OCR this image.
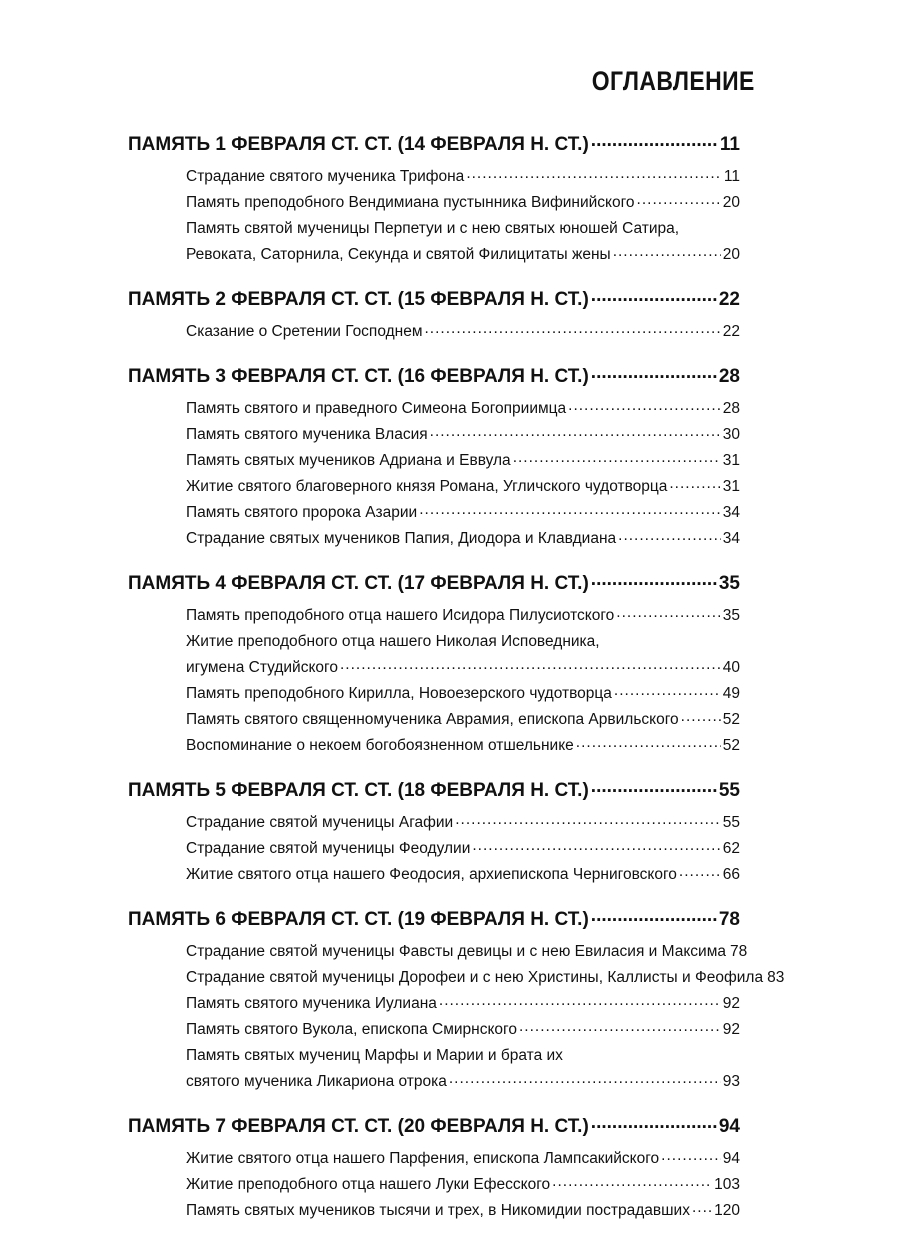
ОГЛАВЛЕНИЕ
ПАМЯТЬ 1 ФЕВРАЛЯ СТ. СТ. (14 ФЕВРАЛЯ Н. СТ.) .....	11
Страдание святого мученика Трифона .....	11
Память преподобного Вендимиана пустынника Вифинийского .....	20
Память святой мученицы Перпетуи и с нею святых юношей Сатира,
Ревоката, Саторнила, Секунда и святой Филицитаты жены .....	20
ПАМЯТЬ 2 ФЕВРАЛЯ СТ. СТ. (15 ФЕВРАЛЯ Н. СТ.) .....	22
Сказание о Сретении Господнем .....	22
ПАМЯТЬ 3 ФЕВРАЛЯ СТ. СТ. (16 ФЕВРАЛЯ Н. СТ.) .....	28
Память святого и праведного Симеона Богоприимца .....	28
Память святого мученика Власия .....	30
Память святых мучеников Адриана и Еввула .....	31
Житие святого благоверного князя Романа, Угличского чудотворца .....	31
Память святого пророка Азарии .....	34
Страдание святых мучеников Папия, Диодора и Клавдиана .....	34
ПАМЯТЬ 4 ФЕВРАЛЯ СТ. СТ. (17 ФЕВРАЛЯ Н. СТ.) .....	35
Память преподобного отца нашего Исидора Пилусиотского .....	35
Житие преподобного отца нашего Николая Исповедника,
игумена Студийского .....	40
Память преподобного Кирилла, Новоезерского чудотворца .....	49
Память святого священномученика Аврамия, епископа Арвильского .....	52
Воспоминание о некоем богобоязненном отшельнике .....	52
ПАМЯТЬ 5 ФЕВРАЛЯ СТ. СТ. (18 ФЕВРАЛЯ Н. СТ.) .....	55
Страдание святой мученицы Агафии .....	55
Страдание святой мученицы Феодулии .....	62
Житие святого отца нашего Феодосия, архиепископа Черниговского .....	66
ПАМЯТЬ 6 ФЕВРАЛЯ СТ. СТ. (19 ФЕВРАЛЯ Н. СТ.) .....	78
Страдание святой мученицы Фавсты девицы и с нею Евиласия и Максима 78
Страдание святой мученицы Дорофеи и с нею Христины, Каллисты и Феофила 83
Память святого мученика Иулиана .....	92
Память святого Вукола, епископа Смирнского .....	92
Память святых мучениц Марфы и Марии и брата их
святого мученика Ликариона отрока .....	93
ПАМЯТЬ 7 ФЕВРАЛЯ СТ. СТ. (20 ФЕВРАЛЯ Н. СТ.) .....	94
Житие святого отца нашего Парфения, епископа Лампсакийского .....	94
Житие преподобного отца нашего Луки Ефесского .....	103
Память святых мучеников тысячи и трех, в Никомидии пострадавших ..... 120
